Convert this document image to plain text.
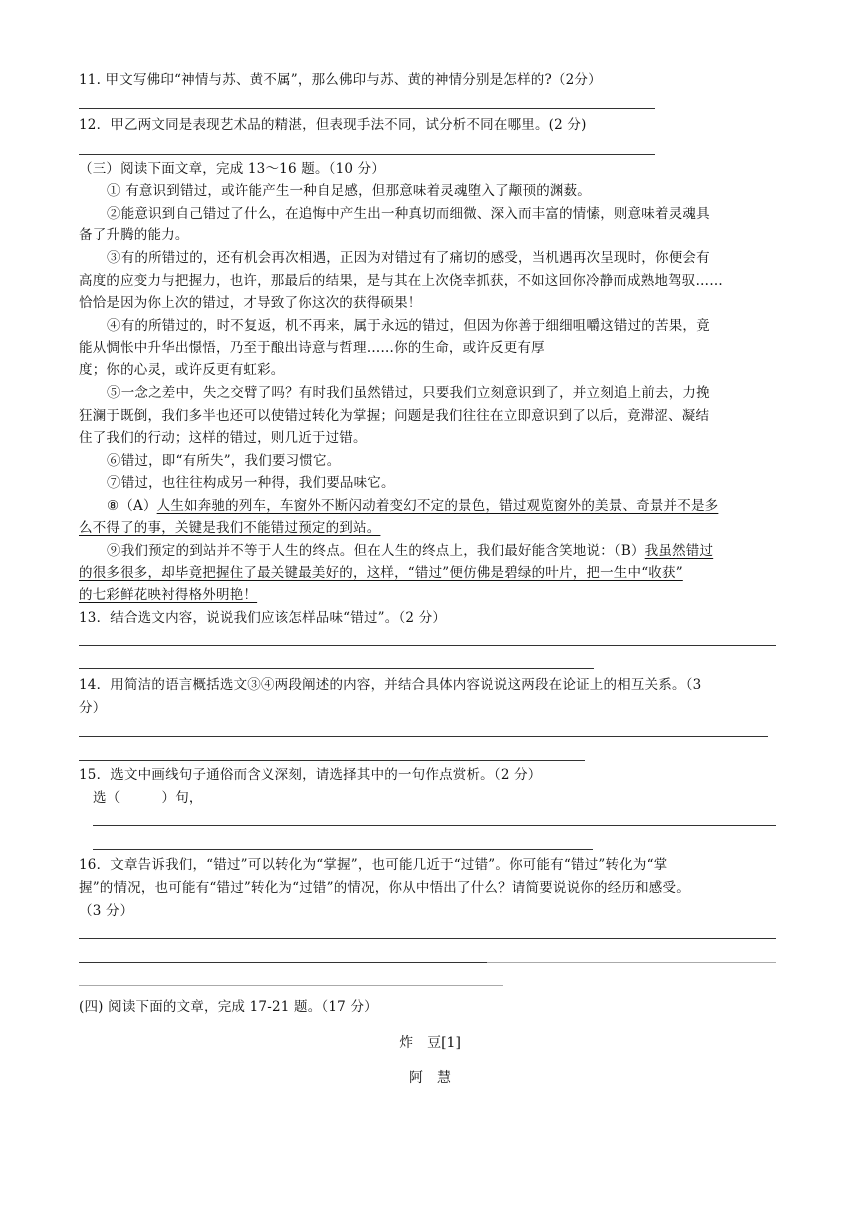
11. 甲文写佛印“神情与苏、黄不属”，那么佛印与苏、黄的神情分别是怎样的?（2分）
12．甲乙两文同是表现艺术品的精湛，但表现手法不同，试分析不同在哪里。(2 分)
（三）阅读下面文章，完成 13～16 题。（10 分）
① 有意识到错过，或许能产生一种自足感，但那意味着灵魂堕入了颟顸的渊薮。
②能意识到自己错过了什么，在追悔中产生出一种真切而细微、深入而丰富的情愫，则意味着灵魂具
备了升腾的能力。
③有的所错过的，还有机会再次相遇，正因为对错过有了痛切的感受，当机遇再次呈现时，你便会有
高度的应变力与把握力，也许，那最后的结果，是与其在上次侥幸抓获，不如这回你冷静而成熟地驾驭……
恰恰是因为你上次的错过，才导致了你这次的获得硕果！
④有的所错过的，时不复返，机不再来，属于永远的错过，但因为你善于细细咀嚼这错过的苦果，竟
能从惆怅中升华出憬悟，乃至于酿出诗意与哲理……你的生命，或许反更有厚
度；你的心灵，或许反更有虹彩。
⑤一念之差中，失之交臂了吗？有时我们虽然错过，只要我们立刻意识到了，并立刻追上前去，力挽
狂澜于既倒，我们多半也还可以使错过转化为掌握；问题是我们往往在立即意识到了以后，竟滞涩、凝结
住了我们的行动；这样的错过，则几近于过错。
⑥错过，即“有所失”，我们要习惯它。
⑦错过，也往往构成另一种得，我们要品味它。
⑧（A）人生如奔驰的列车，车窗外不断闪动着变幻不定的景色，错过观览窗外的美景、奇景并不是多
么不得了的事，关键是我们不能错过预定的到站。
⑨我们预定的到站并不等于人生的终点。但在人生的终点上，我们最好能含笑地说：（B）我虽然错过
的很多很多，却毕竟把握住了最关键最美好的，这样，“错过”便仿佛是碧绿的叶片，把一生中“收获”
的七彩鲜花映衬得格外明艳！
13．结合选文内容，说说我们应该怎样品味“错过”。（2 分）
14．用简洁的语言概括选文③④两段阐述的内容，并结合具体内容说说这两段在论证上的相互关系。（3
分）
15．选文中画线句子通俗而含义深刻，请选择其中的一句作点赏析。（2 分）
选（　　　）句，
16．文章告诉我们，“错过”可以转化为“掌握”，也可能几近于“过错”。你可能有“错过”转化为“掌
握”的情况，也可能有“错过”转化为“过错”的情况，你从中悟出了什么？请简要说说你的经历和感受。
（3 分）
(四) 阅读下面的文章，完成 17-21 题。（17 分）
炸　豆[1]
阿　慧
